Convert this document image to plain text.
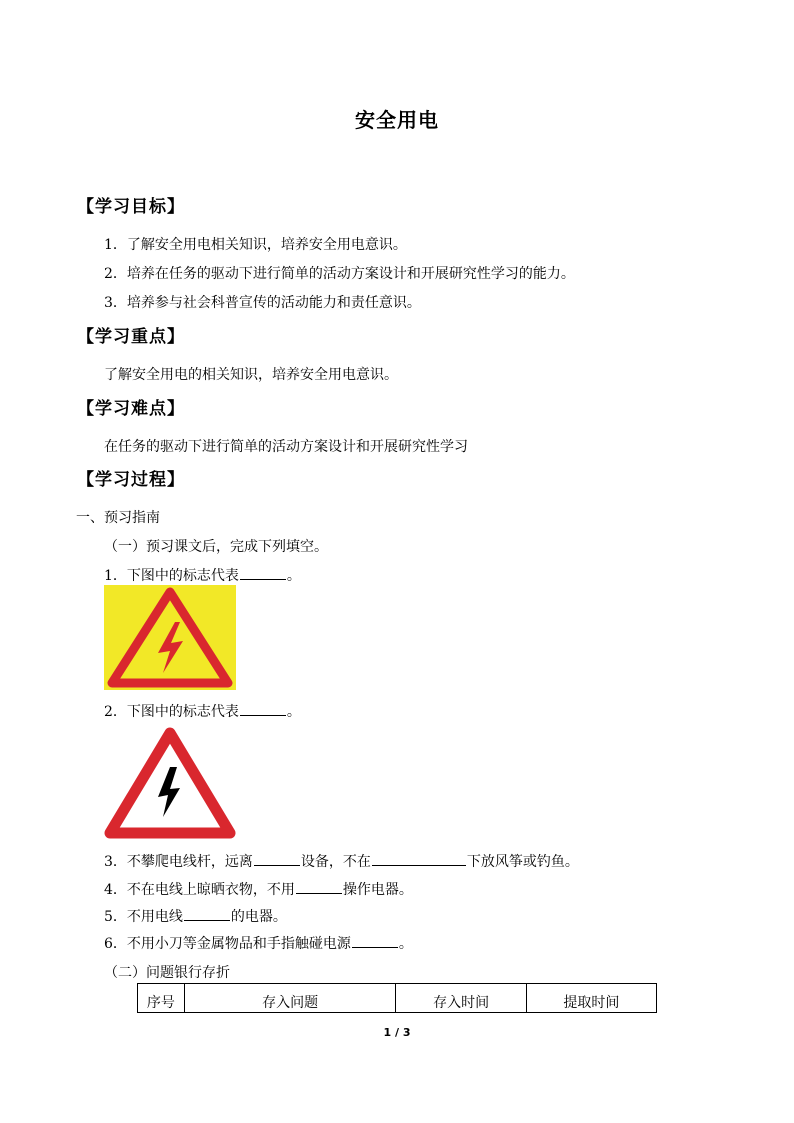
安全用电
【学习目标】
1．了解安全用电相关知识，培养安全用电意识。
2．培养在任务的驱动下进行简单的活动方案设计和开展研究性学习的能力。
3．培养参与社会科普宣传的活动能力和责任意识。
【学习重点】
了解安全用电的相关知识，培养安全用电意识。
【学习难点】
在任务的驱动下进行简单的活动方案设计和开展研究性学习
【学习过程】
一、预习指南
（一）预习课文后，完成下列填空。
1．下图中的标志代表	。
2．下图中的标志代表	。
3．不攀爬电线杆，远离	设备，不在	下放风筝或钓鱼。
4．不在电线上晾晒衣物，不用	操作电器。
5．不用电线	的电器。
6．不用小刀等金属物品和手指触碰电源	。
（二）问题银行存折
序号	存入问题	存入时间	提取时间
1 / 3
